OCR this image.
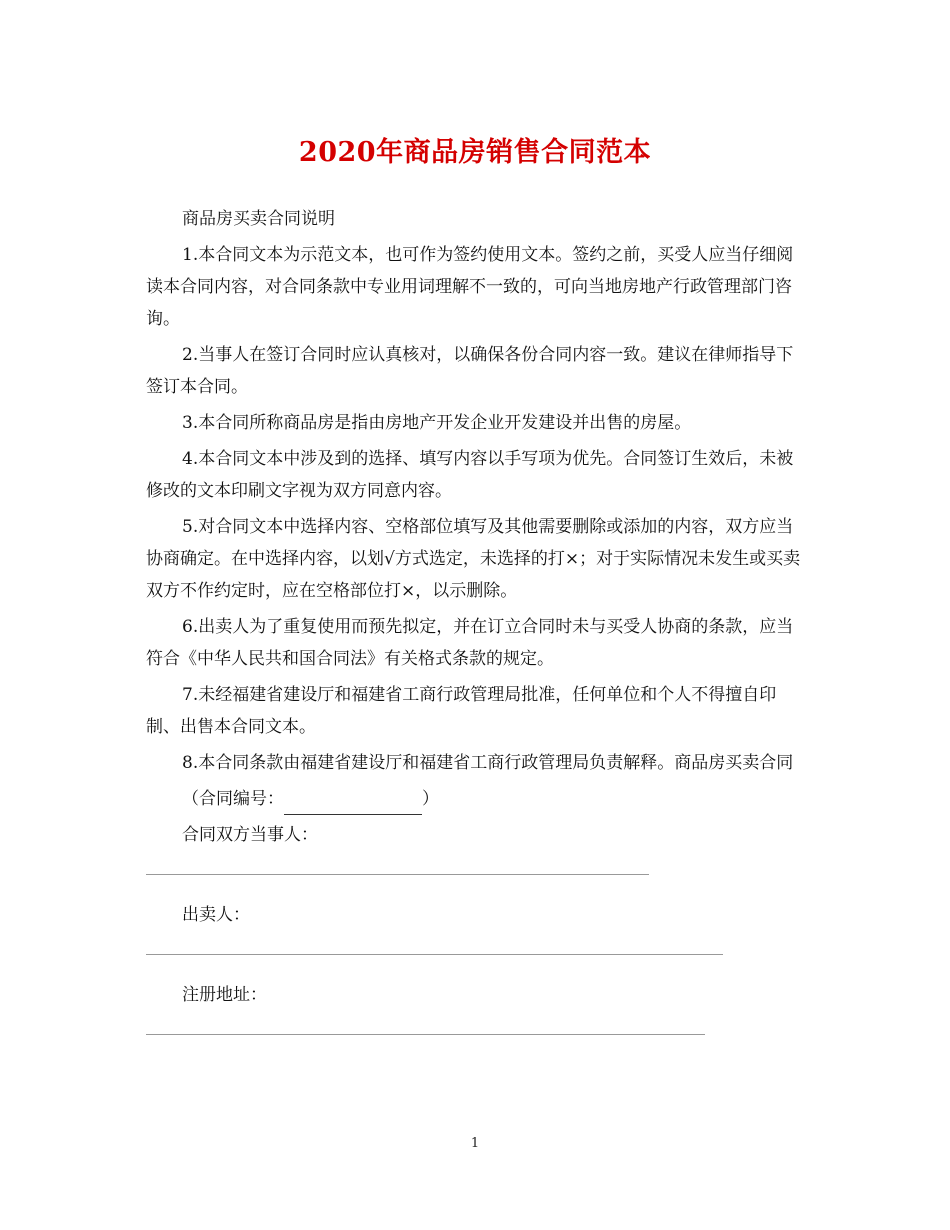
2020年商品房销售合同范本

商品房买卖合同说明

1.本合同文本为示范文本，也可作为签约使用文本。签约之前，买受人应当仔细阅读本合同内容，对合同条款中专业用词理解不一致的，可向当地房地产行政管理部门咨询。

2.当事人在签订合同时应认真核对，以确保各份合同内容一致。建议在律师指导下签订本合同。

3.本合同所称商品房是指由房地产开发企业开发建设并出售的房屋。

4.本合同文本中涉及到的选择、填写内容以手写项为优先。合同签订生效后，未被修改的文本印刷文字视为双方同意内容。

5.对合同文本中选择内容、空格部位填写及其他需要删除或添加的内容，双方应当协商确定。在中选择内容，以划√方式选定，未选择的打×；对于实际情况未发生或买卖双方不作约定时，应在空格部位打×，以示删除。

6.出卖人为了重复使用而预先拟定，并在订立合同时未与买受人协商的条款，应当符合《中华人民共和国合同法》有关格式条款的规定。

7.未经福建省建设厅和福建省工商行政管理局批准，任何单位和个人不得擅自印制、出售本合同文本。

8.本合同条款由福建省建设厅和福建省工商行政管理局负责解释。商品房买卖合同

（合同编号：	）

合同双方当事人：

出卖人：

注册地址：

1
